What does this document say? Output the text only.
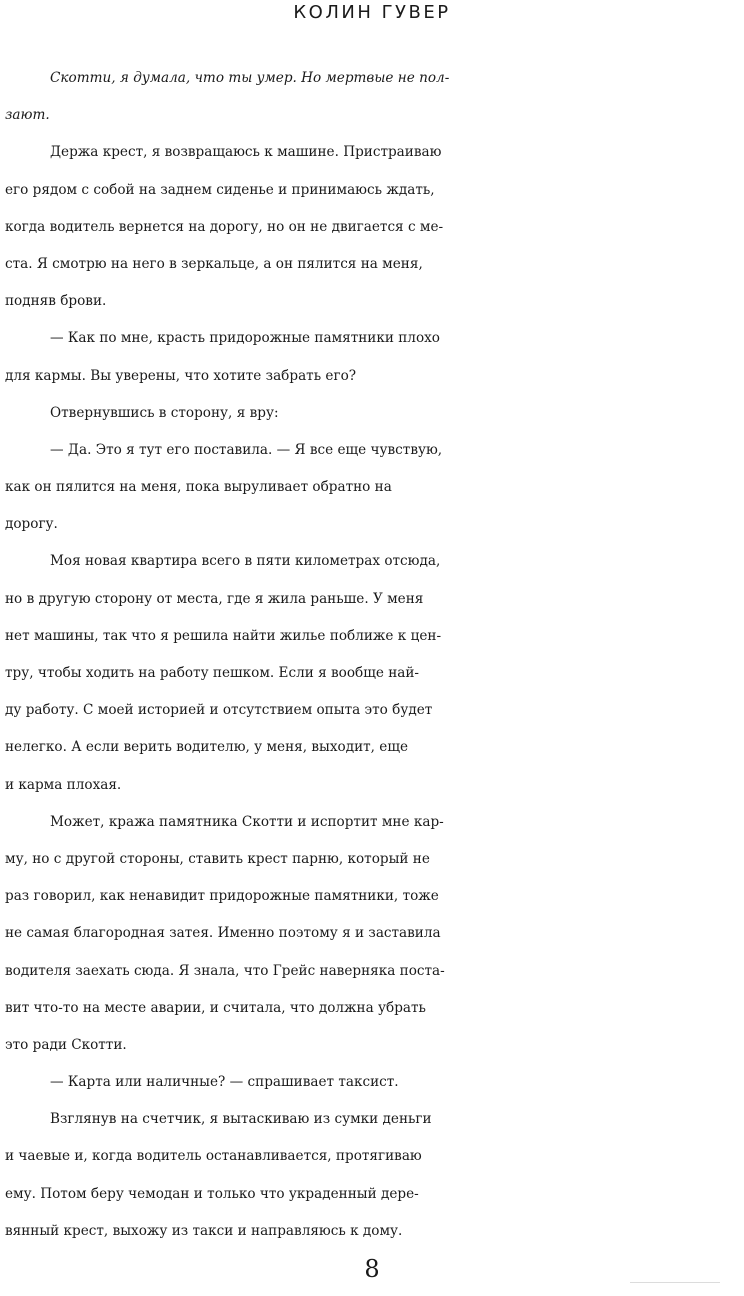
КОЛИН ГУВЕР
Скотти, я думала, что ты умер. Но мертвые не пол-
зают.
Держа крест, я возвращаюсь к машине. Пристраиваю
его рядом с собой на заднем сиденье и принимаюсь ждать,
когда водитель вернется на дорогу, но он не двигается с ме-
ста. Я смотрю на него в зеркальце, а он пялится на меня,
подняв брови.
— Как по мне, красть придорожные памятники плохо
для кармы. Вы уверены, что хотите забрать его?
Отвернувшись в сторону, я вру:
— Да. Это я тут его поставила. — Я все еще чувствую,
как он пялится на меня, пока выруливает обратно на
дорогу.
Моя новая квартира всего в пяти километрах отсюда,
но в другую сторону от места, где я жила раньше. У меня
нет машины, так что я решила найти жилье поближе к цен-
тру, чтобы ходить на работу пешком. Если я вообще най-
ду работу. С моей историей и отсутствием опыта это будет
нелегко. А если верить водителю, у меня, выходит, еще
и карма плохая.
Может, кража памятника Скотти и испортит мне кар-
му, но с другой стороны, ставить крест парню, который не
раз говорил, как ненавидит придорожные памятники, тоже
не самая благородная затея. Именно поэтому я и заставила
водителя заехать сюда. Я знала, что Грейс наверняка поста-
вит что-то на месте аварии, и считала, что должна убрать
это ради Скотти.
— Карта или наличные? — спрашивает таксист.
Взглянув на счетчик, я вытаскиваю из сумки деньги
и чаевые и, когда водитель останавливается, протягиваю
ему. Потом беру чемодан и только что украденный дере-
вянный крест, выхожу из такси и направляюсь к дому.
8
